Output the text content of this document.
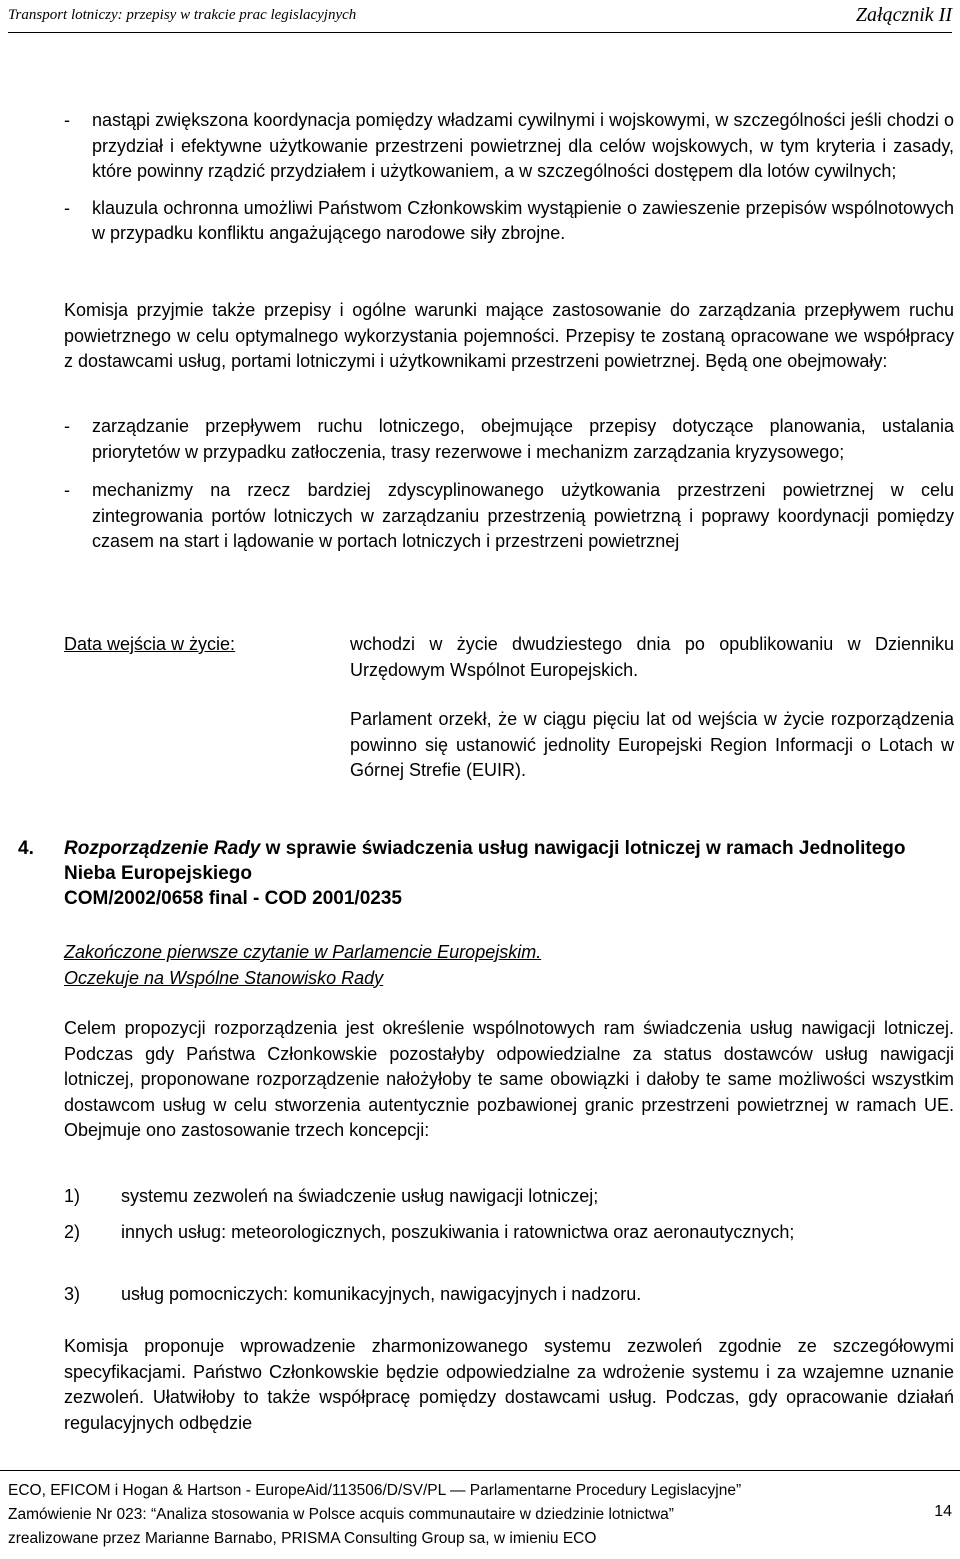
Transport lotniczy: przepisy w trakcie prac legislacyjnych	Załącznik II

- nastąpi zwiększona koordynacja pomiędzy władzami cywilnymi i wojskowymi, w szczególności jeśli chodzi o przydział i efektywne użytkowanie przestrzeni powietrznej dla celów wojskowych, w tym kryteria i zasady, które powinny rządzić przydziałem i użytkowaniem, a w szczególności dostępem dla lotów cywilnych;

- klauzula ochronna umożliwi Państwom Członkowskim wystąpienie o zawieszenie przepisów wspólnotowych w przypadku konfliktu angażującego narodowe siły zbrojne.

Komisja przyjmie także przepisy i ogólne warunki mające zastosowanie do zarządzania przepływem ruchu powietrznego w celu optymalnego wykorzystania pojemności. Przepisy te zostaną opracowane we współpracy z dostawcami usług, portami lotniczymi i użytkownikami przestrzeni powietrznej. Będą one obejmowały:

- zarządzanie przepływem ruchu lotniczego, obejmujące przepisy dotyczące planowania, ustalania priorytetów w przypadku zatłoczenia, trasy rezerwowe i mechanizm zarządzania kryzysowego;

- mechanizmy na rzecz bardziej zdyscyplinowanego użytkowania przestrzeni powietrznej w celu zintegrowania portów lotniczych w zarządzaniu przestrzenią powietrzną i poprawy koordynacji pomiędzy czasem na start i lądowanie w portach lotniczych i przestrzeni powietrznej

Data wejścia w życie:	wchodzi w życie dwudziestego dnia po opublikowaniu w Dzienniku Urzędowym Wspólnot Europejskich.

Parlament orzekł, że w ciągu pięciu lat od wejścia w życie rozporządzenia powinno się ustanowić jednolity Europejski Region Informacji o Lotach w Górnej Strefie (EUIR).

4. Rozporządzenie Rady w sprawie świadczenia usług nawigacji lotniczej w ramach Jednolitego Nieba Europejskiego
COM/2002/0658 final - COD 2001/0235
Zakończone pierwsze czytanie w Parlamencie Europejskim.
Oczekuje na Wspólne Stanowisko Rady

Celem propozycji rozporządzenia jest określenie wspólnotowych ram świadczenia usług nawigacji lotniczej. Podczas gdy Państwa Członkowskie pozostałyby odpowiedzialne za status dostawców usług nawigacji lotniczej, proponowane rozporządzenie nałożyłoby te same obowiązki i dałoby te same możliwości wszystkim dostawcom usług w celu stworzenia autentycznie pozbawionej granic przestrzeni powietrznej w ramach UE. Obejmuje ono zastosowanie trzech koncepcji:

1) systemu zezwoleń na świadczenie usług nawigacji lotniczej;
2) innych usług: meteorologicznych, poszukiwania i ratownictwa oraz aeronautycznych;
3) usług pomocniczych: komunikacyjnych, nawigacyjnych i nadzoru.

Komisja proponuje wprowadzenie zharmonizowanego systemu zezwoleń zgodnie ze szczegółowymi specyfikacjami. Państwo Członkowskie będzie odpowiedzialne za wdrożenie systemu i za wzajemne uznanie zezwoleń. Ułatwiłoby to także współpracę pomiędzy dostawcami usług. Podczas, gdy opracowanie działań regulacyjnych odbędzie

ECO, EFICOM i Hogan & Hartson - EuropeAid/113506/D/SV/PL — Parlamentarne Procedury Legislacyjne”
Zamówienie Nr 023: “Analiza stosowania w Polsce acquis communautaire w dziedzinie lotnictwa”
zrealizowane przez Marianne Barnabo, PRISMA Consulting Group sa, w imieniu ECO
14
